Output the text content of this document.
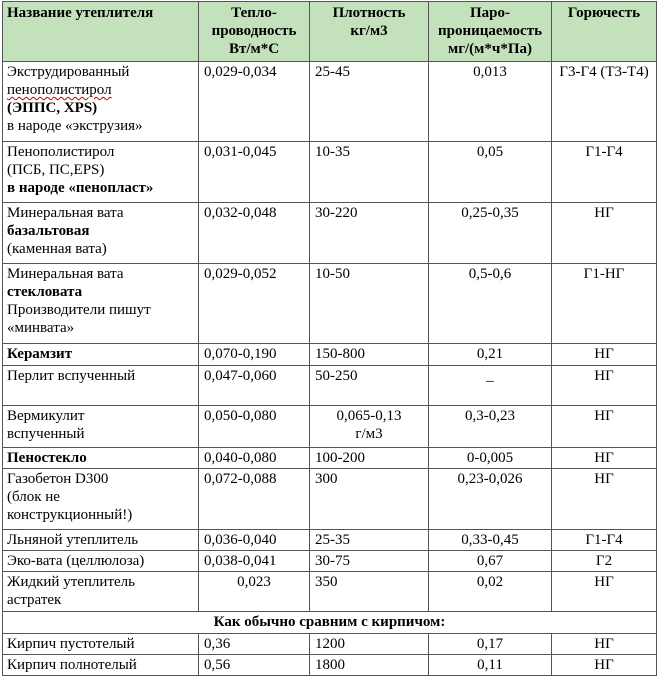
Название утеплителя	Тепло-
проводность
Вт/м*С	Плотность
кг/м3	Паро-
проницаемость
мг/(м*ч*Па)	Горючесть

Экструдированный
пенополистирол
(ЭППС, XPS)
в народе «экструзия»	0,029-0,034	25-45	0,013	Г3-Г4 (Т3-Т4)

Пенополистирол
(ПСБ, ПС,EPS)
в народе «пенопласт»	0,031-0,045	10-35	0,05	Г1-Г4

Минеральная вата
базальтовая
(каменная вата)	0,032-0,048	30-220	0,25-0,35	НГ

Минеральная вата
стекловата
Производители пишут
«минвата»	0,029-0,052	10-50	0,5-0,6	Г1-НГ

Керамзит	0,070-0,190	150-800	0,21	НГ

Перлит вспученный	0,047-0,060	50-250	_	НГ

Вермикулит
вспученный	0,050-0,080	0,065-0,13
г/м3	0,3-0,23	НГ

Пеностекло	0,040-0,080	100-200	0-0,005	НГ

Газобетон D300
(блок не
конструкционный!)	0,072-0,088	300	0,23-0,026	НГ
Льняной утеплитель	0,036-0,040	25-35	0,33-0,45	Г1-Г4
Эко-вата (целлюлоза)	0,038-0,041	30-75	0,67	Г2

Жидкий утеплитель
астратек	0,023	350	0,02	НГ
Как обычно сравним с кирпичом:				
Кирпич пустотелый	0,36	1200	0,17	НГ
Кирпич полнотелый	0,56	1800	0,11	НГ
